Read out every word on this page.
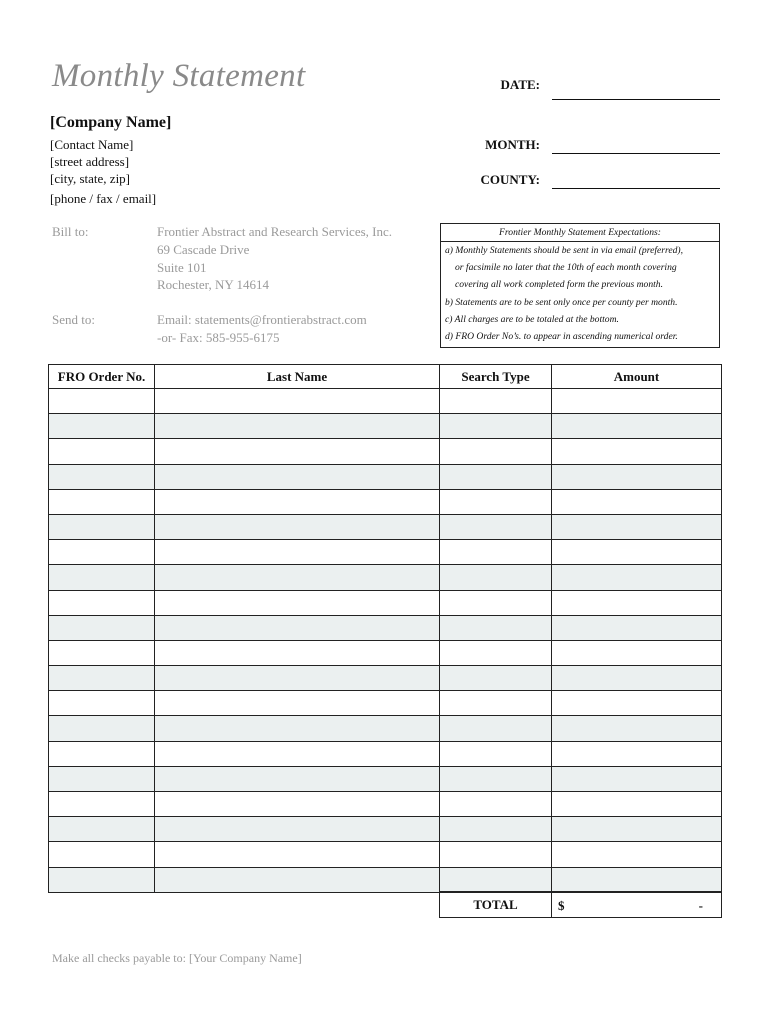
Monthly Statement	DATE:
MONTH:
COUNTY:
[Company Name]
[Contact Name]
[street address]
[city, state, zip]
[phone / fax / email]
Bill to:	Frontier Abstract and Research Services, Inc.
69 Cascade Drive
Suite 101
Rochester, NY 14614
Send to:	Email: statements@frontierabstract.com
-or- Fax: 585-955-6175
Frontier Monthly Statement Expectations:
a) Monthly Statements should be sent in via email (preferred),
or facsimile no later that the 10th of each month covering
covering all work completed form the previous month.
b) Statements are to be sent only once per county per month.
c) All charges are to be totaled at the bottom.
d) FRO Order No’s. to appear in ascending numerical order.
FRO Order No.	Last Name	Search Type	Amount

TOTAL	$	-
Make all checks payable to: [Your Company Name]
